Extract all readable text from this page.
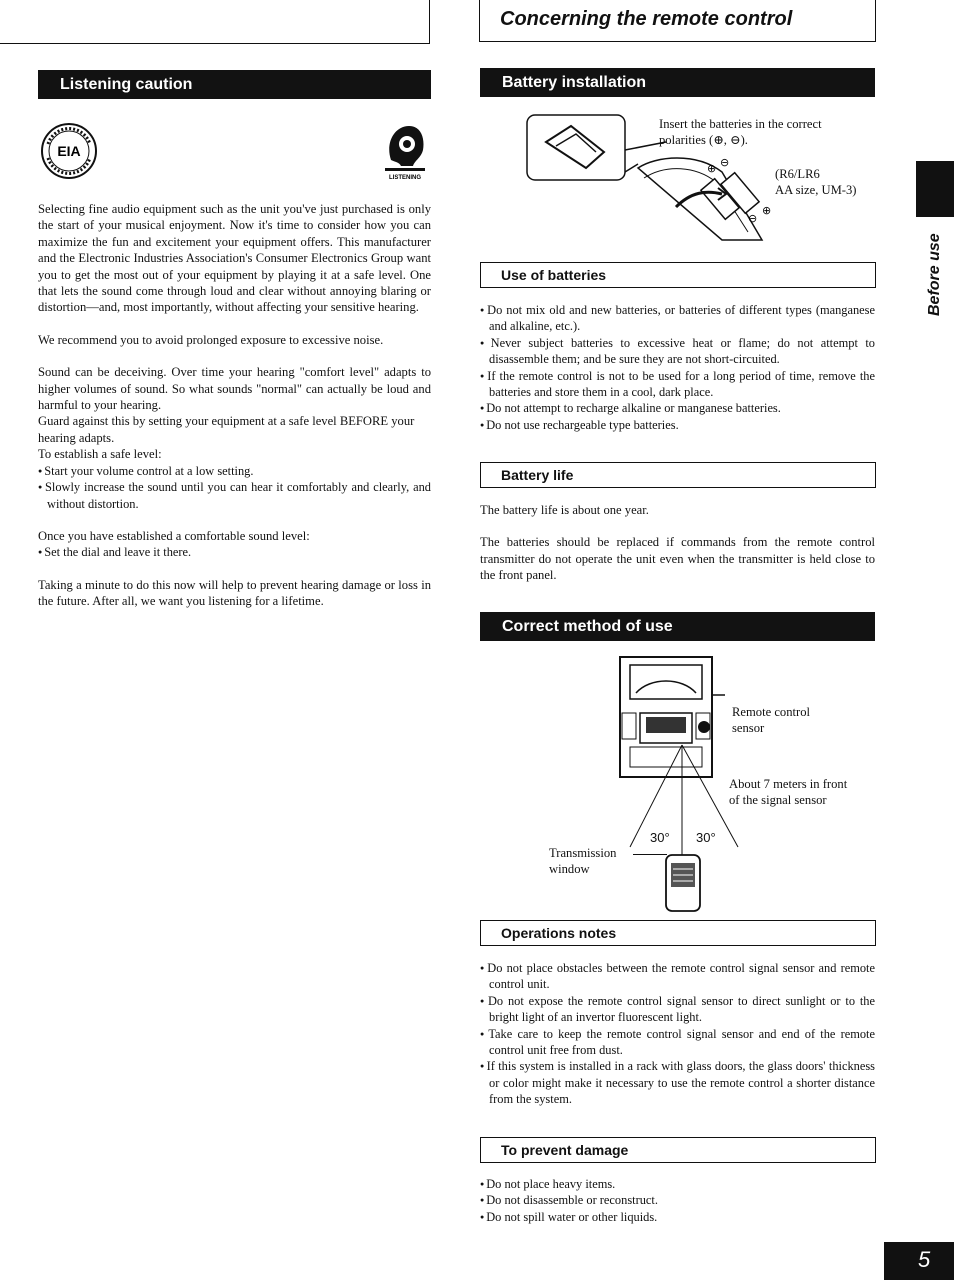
Concerning the remote control
Listening caution
EIA
LISTENING

Selecting fine audio equipment such as the unit you've just purchased is only the start of your musical enjoyment. Now it's time to consider how you can maximize the fun and excitement your equipment offers. This manufacturer and the Electronic Industries Association's Consumer Electronics Group want you to get the most out of your equipment by playing it at a safe level. One that lets the sound come through loud and clear without annoying blaring or distortion—and, most importantly, without affecting your sensitive hearing.

We recommend you to avoid prolonged exposure to excessive noise.

Sound can be deceiving. Over time your hearing "comfort level" adapts to higher volumes of sound. So what sounds "normal" can actually be loud and harmful to your hearing.

Guard against this by setting your equipment at a safe level BEFORE your hearing adapts.

To establish a safe level:

● Start your volume control at a low setting.

● Slowly increase the sound until you can hear it comfortably and clearly, and without distortion.

Once you have established a comfortable sound level:

● Set the dial and leave it there.

Taking a minute to do this now will help to prevent hearing damage or loss in the future. After all, we want you listening for a lifetime.

Battery installation
⊕ ⊖
⊖
⊕
Insert the batteries in the correct polarities (⊕, ⊖).
(R6/LR6
AA size, UM-3)
Use of batteries

● Do not mix old and new batteries, or batteries of different types (manganese and alkaline, etc.).

● Never subject batteries to excessive heat or flame; do not attempt to disassemble them; and be sure they are not short-circuited.

● If the remote control is not to be used for a long period of time, remove the batteries and store them in a cool, dark place.

● Do not attempt to recharge alkaline or manganese batteries.

● Do not use rechargeable type batteries.

Battery life

The battery life is about one year.

The batteries should be replaced if commands from the remote control transmitter do not operate the unit even when the transmitter is held close to the front panel.

Correct method of use
Remote control
sensor
About 7 meters in front
of the signal sensor
30° 30°
Transmission
window
Operations notes

● Do not place obstacles between the remote control signal sensor and remote control unit.

● Do not expose the remote control signal sensor to direct sunlight or to the bright light of an invertor fluorescent light.

● Take care to keep the remote control signal sensor and end of the remote control unit free from dust.

● If this system is installed in a rack with glass doors, the glass doors' thickness or color might make it necessary to use the remote control a shorter distance from the system.

To prevent damage

● Do not place heavy items.

● Do not disassemble or reconstruct.

● Do not spill water or other liquids.

Before use
5
